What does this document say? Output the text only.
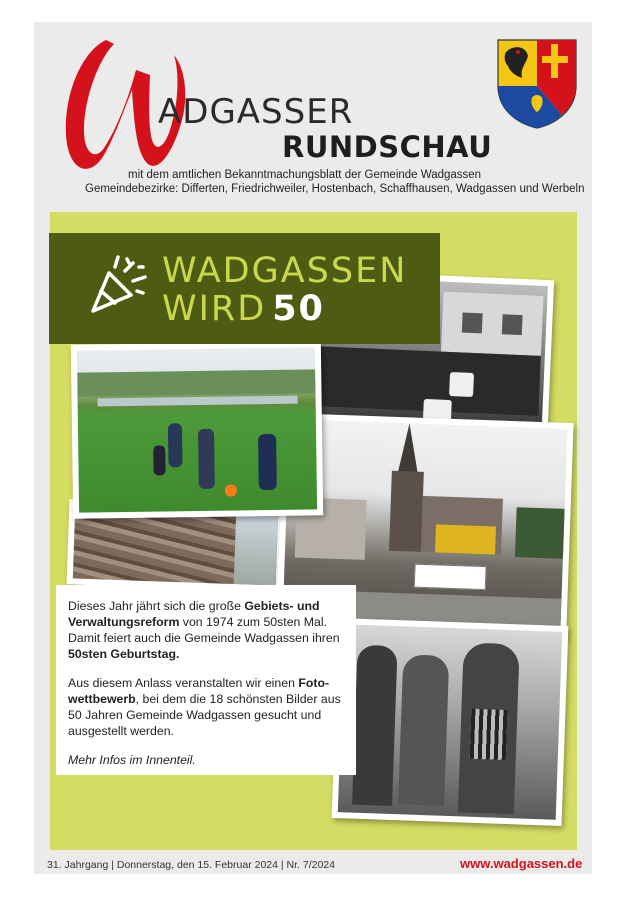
ADGASSER
RUNDSCHAU
mit dem amtlichen Bekanntmachungsblatt der Gemeinde Wadgassen
Gemeindebezirke: Differten, Friedrichweiler, Hostenbach, Schaffhausen, Wadgassen und Werbeln
WADGASSEN
WIRD 50

Dieses Jahr jährt sich die große Gebiets- und Verwaltungsreform von 1974 zum 50sten Mal. Damit feiert auch die Gemeinde Wadgassen ihren 50sten Geburtstag.

Aus diesem Anlass veranstalten wir einen Foto-wettbewerb, bei dem die 18 schönsten Bilder aus 50 Jahren Gemeinde Wadgassen gesucht und ausgestellt werden.

Mehr Infos im Innenteil.

31. Jahrgang | Donnerstag, den 15. Februar 2024 | Nr. 7/2024	www.wadgassen.de
